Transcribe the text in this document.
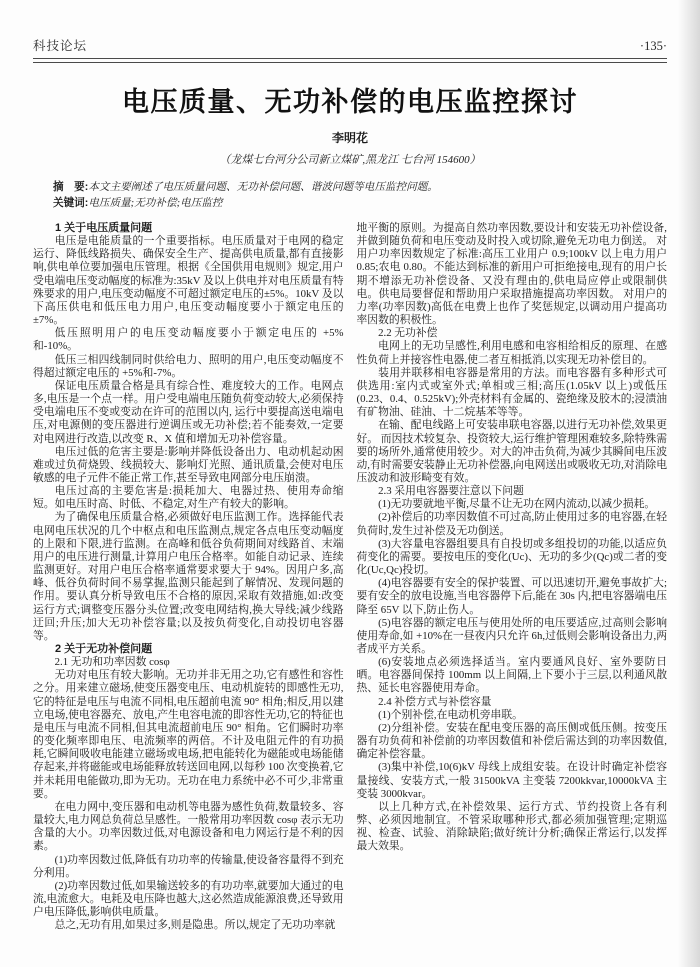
科技论坛	·135·
电压质量、无功补偿的电压监控探讨
李明花
（龙煤七台河分公司新立煤矿,黑龙江 七台河 154600）
摘　要:本文主要阐述了电压质量问题、无功补偿问题、谐波问题等电压监控问题。
关键词:电压质量;无功补偿;电压监控
1 关于电压质量问题
电压是电能质量的一个重要指标。电压质量对于电网的稳定运行、降低线路损失、确保安全生产、提高供电质量,都有直接影响,供电单位要加强电压管理。根据《全国供用电规则》规定,用户受电端电压变动幅度的标准为:35kV 及以上供电并对电压质量有特殊要求的用户,电压变动幅度不可超过额定电压的±5%。10kV 及以下高压供电和低压电力用户,电压变动幅度要小于额定电压的±7%。
低压照明用户的电压变动幅度要小于额定电压的 +5%和-10%。
低压三相四线制同时供给电力、照明的用户,电压变动幅度不得超过额定电压的 +5%和-7%。
保证电压质量合格是具有综合性、难度较大的工作。电网点多,电压是一个点一样。用户受电端电压随负荷变动较大,必须保持受电端电压不变或变动在许可的范围以内, 运行中要提高送电端电压,对电源侧的变压器进行逆调压或无功补偿;若不能奏效,一定要对电网进行改造,以改变 R、X 值和增加无功补偿容量。
电压过低的危害主要是:影响并降低设备出力、电动机起动困难或过负荷烧毁、线损较大、影响灯光照、通讯质量,会使对电压敏感的电子元件不能正常工作,甚至导致电网部分电压崩溃。
电压过高的主要危害是:损耗加大、电器过热、使用寿命缩短。如电压时高、时低、不稳定,对生产有较大的影响。
为了确保电压质量合格,必须做好电压监测工作。选择能代表电网电压状况的几个中枢点和电压监测点,规定各点电压变动幅度的上限和下限,进行监测。在高峰和低谷负荷期间对线路首、末端用户的电压进行测量,计算用户电压合格率。如能自动记录、连续监测更好。对用户电压合格率通常要求要大于 94%。因用户多,高峰、低谷负荷时间不易掌握,监测只能起到了解情况、发现问题的作用。要认真分析导致电压不合格的原因,采取有效措施,如:改变运行方式;调整变压器分头位置;改变电网结构,换大导线;减少线路迂回;升压;加大无功补偿容量;以及按负荷变化,自动投切电容器等。
2 关于无功补偿问题
2.1 无功和功率因数 cosφ
无功对电压有较大影响。无功并非无用之功,它有感性和容性之分。用来建立磁场,使变压器变电压、电动机旋转的即感性无功,它的特征是电压与电流不同相,电压超前电流 90° 相角;相反,用以建立电场,使电容器充、放电,产生电容电流的即容性无功,它的特征也是电压与电流不同相,但其电流超前电压 90° 相角。它们瞬时功率的变化频率即电压、电流频率的两倍。不计及电阻元件的有功损耗,它瞬间吸收电能建立磁场或电场,把电能转化为磁能或电场能储存起来,并将磁能或电场能释放转送回电网,以每秒 100 次变换着,它并未耗用电能做功,即为无功。无功在电力系统中必不可少,非常重要。
在电力网中,变压器和电动机等电器为感性负荷,数量较多、容量较大,电力网总负荷总呈感性。一般常用功率因数 cosφ 表示无功含量的大小。功率因数过低,对电源设备和电力网运行是不利的因素。
(1)功率因数过低,降低有功功率的传输量,使设备容量得不到充分利用。
(2)功率因数过低,如果输送较多的有功功率,就要加大通过的电流,电流愈大。电耗及电压降也越大,这必然造成能源浪费,还导致用户电压降低,影响供电质量。
总之,无功有用,如果过多,则是隐患。所以,规定了无功功率就
地平衡的原则。为提高自然功率因数,要设计和安装无功补偿设备,并做到随负荷和电压变动及时投入或切除,避免无功电力倒送。 对用户功率因数规定了标准:高压工业用户 0.9;100kV 以上电力用户 0.85;农电 0.80。不能达到标准的新用户可拒绝接电,现有的用户长期不增添无功补偿设备、又没有理由的,供电局应停止或限制供电。供电局要督促和帮助用户采取措施提高功率因数。 对用户的力率(功率因数)高低在电费上也作了奖惩规定,以调动用户提高功率因数的积极性。
2.2 无功补偿
电网上的无功呈感性,利用电感和电容相给相反的原理、在感性负荷上并接容性电器,使二者互相抵消,以实现无功补偿目的。
装用并联移相电容器是常用的方法。而电容器有多种形式可供选用:室内式或室外式;单相或三相;高压(1.05kV 以上)或低压(0.23、0.4、0.525kV);外壳材料有金属的、瓷绝缘及胶木的;浸渍油有矿物油、硅油、十二烷基苯等等。
在输、配电线路上可安装串联电容器,以进行无功补偿,效果更好。 而因技术较复杂、投资较大,运行维护管理困难较多,除特殊需要的场所外,通常使用较少。对大的冲击负荷,为减少其瞬间电压波动,有时需要安装静止无功补偿器,向电网送出或吸收无功,对消除电压波动和波形畸变有效。
2.3 采用电容器要注意以下问题
(1)无功要就地平衡,尽量不让无功在网内流动,以减少损耗。
(2)补偿后的功率因数值不可过高,防止使用过多的电容器,在轻负荷时,发生过补偿及无功倒送。
(3)大容量电容器组要具有自投切或多组投切的功能,以适应负荷变化的需要。要按电压的变化(Uc)、无功的多少(Qc)或二者的变化(Uc,Qc)投切。
(4)电容器要有安全的保护装置、可以迅速切开,避免事故扩大;要有安全的放电设施,当电容器停下后,能在 30s 内,把电容器端电压降至 65V 以下,防止伤人。
(5)电容器的额定电压与使用处所的电压要适应,过高则会影响使用寿命,如 +10%在一昼夜内只允许 6h,过低则会影响设备出力,两者成平方关系。
(6)安装地点必须选择适当。室内要通风良好、室外要防日晒。电容器间保持 100mm 以上间隔,上下要小于三层,以利通风散热、延长电容器使用寿命。
2.4 补偿方式与补偿容量
(1)个别补偿,在电动机旁串联。
(2)分组补偿。安装在配电变压器的高压侧或低压侧。按变压器有功负荷和补偿前的功率因数值和补偿后需达到的功率因数值,确定补偿容量。
(3)集中补偿,10(6)kV 母线上成组安装。在设计时确定补偿容量接线、安装方式,一般 31500kVA 主变装 7200kkvar,10000kVA 主变装 3000kvar。
以上几种方式,在补偿效果、运行方式、节约投资上各有利弊、必须因地制宜。不管采取哪种形式,都必须加强管理;定期巡视、检查、试验、消除缺陷;做好统计分析;确保正常运行,以发挥最大效果。
